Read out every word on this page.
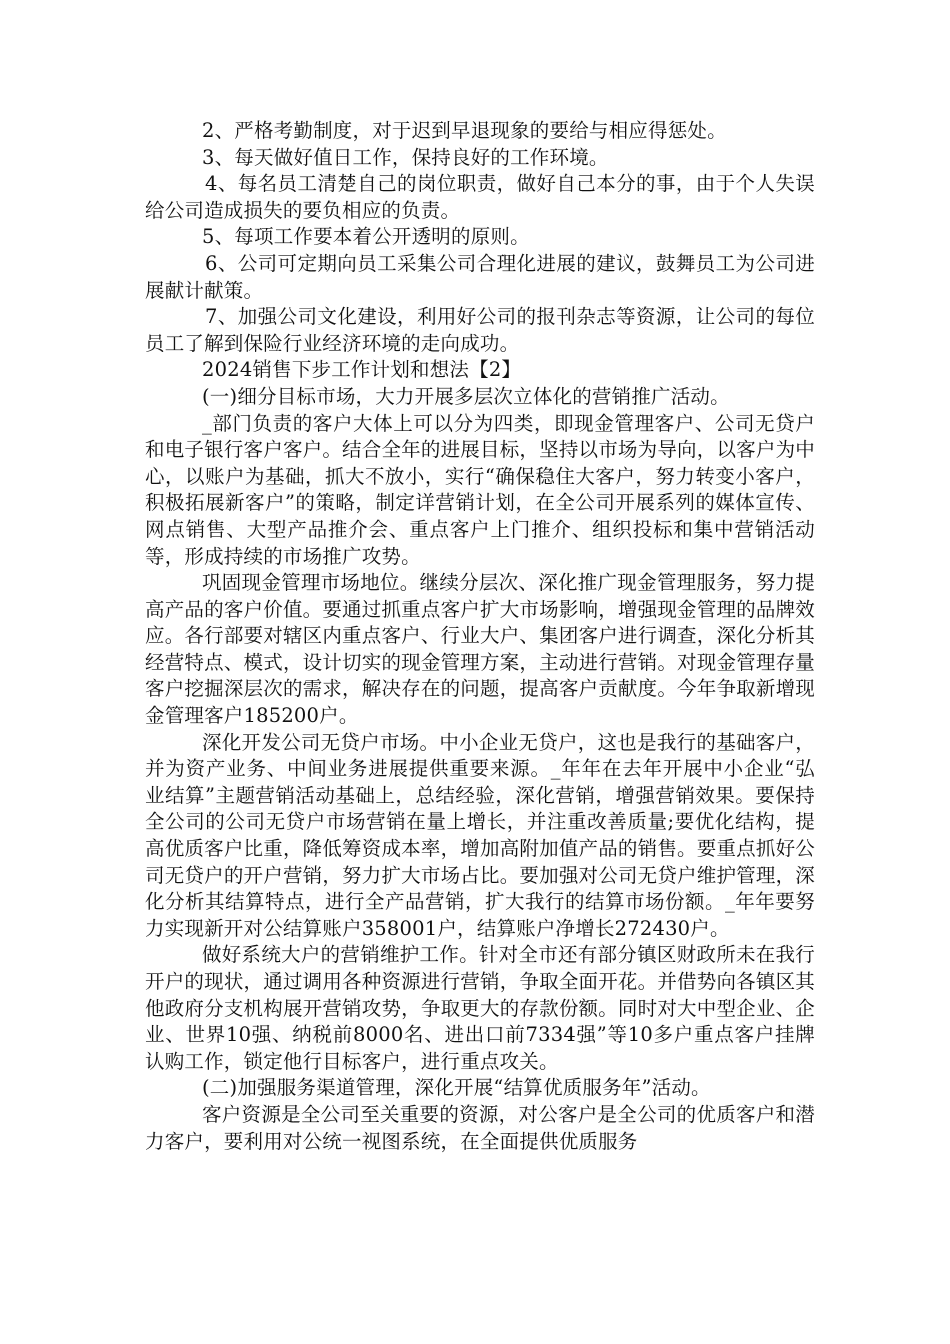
2、严格考勤制度，对于迟到早退现象的要给与相应得惩处。

3、每天做好值日工作，保持良好的工作环境。

4、每名员工清楚自己的岗位职责，做好自己本分的事，由于个人失误给公司造成损失的要负相应的负责。

5、每项工作要本着公开透明的原则。

6、公司可定期向员工采集公司合理化进展的建议，鼓舞员工为公司进展献计献策。

7、加强公司文化建设，利用好公司的报刊杂志等资源，让公司的每位员工了解到保险行业经济环境的走向成功。

2024销售下步工作计划和想法【2】

(一)细分目标市场，大力开展多层次立体化的营销推广活动。

_部门负责的客户大体上可以分为四类，即现金管理客户、公司无贷户和电子银行客户客户。结合全年的进展目标，坚持以市场为导向，以客户为中心，以账户为基础，抓大不放小，实行“确保稳住大客户，努力转变小客户，积极拓展新客户”的策略，制定详营销计划，在全公司开展系列的媒体宣传、网点销售、大型产品推介会、重点客户上门推介、组织投标和集中营销活动等，形成持续的市场推广攻势。

巩固现金管理市场地位。继续分层次、深化推广现金管理服务，努力提高产品的客户价值。要通过抓重点客户扩大市场影响，增强现金管理的品牌效应。各行部要对辖区内重点客户、行业大户、集团客户进行调查，深化分析其经营特点、模式，设计切实的现金管理方案，主动进行营销。对现金管理存量客户挖掘深层次的需求，解决存在的问题，提高客户贡献度。今年争取新增现金管理客户185200户。

深化开发公司无贷户市场。中小企业无贷户，这也是我行的基础客户，并为资产业务、中间业务进展提供重要来源。_年年在去年开展中小企业“弘业结算”主题营销活动基础上，总结经验，深化营销，增强营销效果。要保持全公司的公司无贷户市场营销在量上增长，并注重改善质量;要优化结构，提高优质客户比重，降低筹资成本率，增加高附加值产品的销售。要重点抓好公司无贷户的开户营销，努力扩大市场占比。要加强对公司无贷户维护管理，深化分析其结算特点，进行全产品营销，扩大我行的结算市场份额。_年年要努力实现新开对公结算账户358001户，结算账户净增长272430户。

做好系统大户的营销维护工作。针对全市还有部分镇区财政所未在我行开户的现状，通过调用各种资源进行营销，争取全面开花。并借势向各镇区其他政府分支机构展开营销攻势，争取更大的存款份额。同时对大中型企业、企业、世界10强、纳税前8000名、进出口前7334强”等10多户重点客户挂牌认购工作，锁定他行目标客户，进行重点攻关。

(二)加强服务渠道管理，深化开展“结算优质服务年”活动。

客户资源是全公司至关重要的资源，对公客户是全公司的优质客户和潜力客户，要利用对公统一视图系统，在全面提供优质服务
